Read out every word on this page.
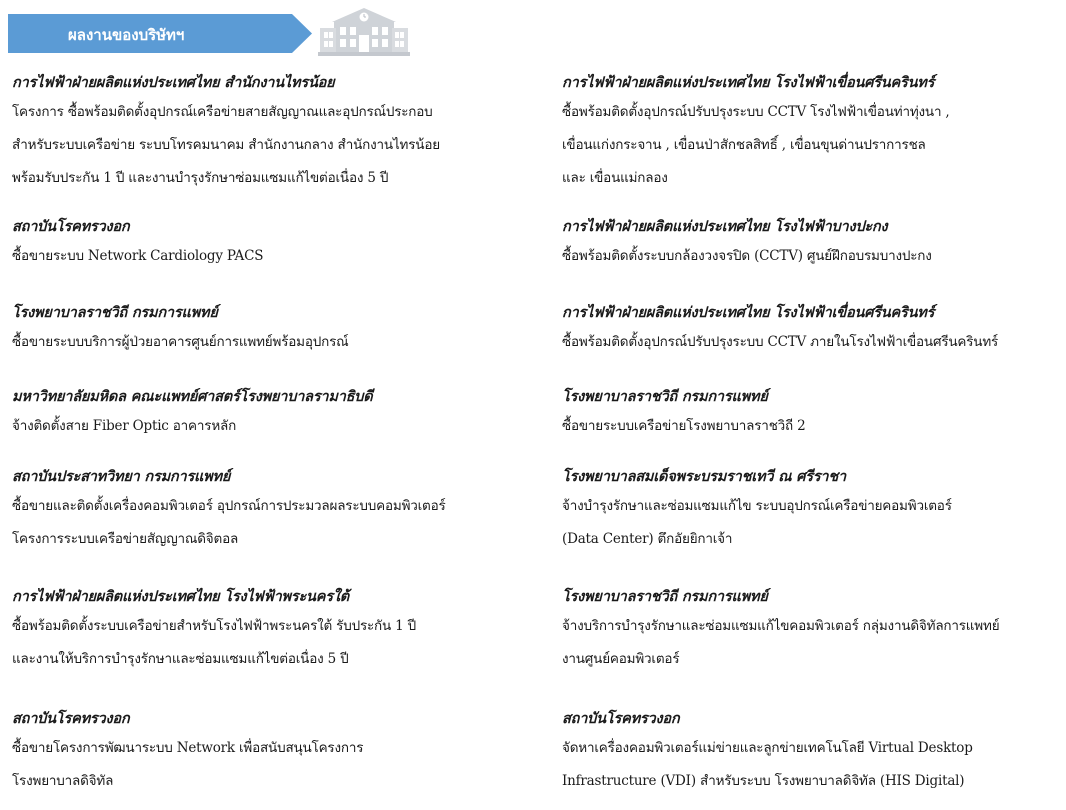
ผลงานของบริษัทฯ
การไฟฟ้าฝ่ายผลิตแห่งประเทศไทย สำนักงานไทรน้อย
โครงการ ซื้อพร้อมติดตั้งอุปกรณ์เครือข่ายสายสัญญาณและอุปกรณ์ประกอบ
สำหรับระบบเครือข่าย ระบบโทรคมนาคม สำนักงานกลาง สำนักงานไทรน้อย
พร้อมรับประกัน 1 ปี และงานบำรุงรักษาซ่อมแซมแก้ไขต่อเนื่อง 5 ปี
สถาบันโรคทรวงอก
ซื้อขายระบบ Network Cardiology PACS
โรงพยาบาลราชวิถี กรมการแพทย์
ซื้อขายระบบบริการผู้ป่วยอาคารศูนย์การแพทย์พร้อมอุปกรณ์
มหาวิทยาลัยมหิดล คณะแพทย์ศาสตร์โรงพยาบาลรามาธิบดี
จ้างติดตั้งสาย Fiber Optic อาคารหลัก
สถาบันประสาทวิทยา กรมการแพทย์
ซื้อขายและติดตั้งเครื่องคอมพิวเตอร์ อุปกรณ์การประมวลผลระบบคอมพิวเตอร์
โครงการระบบเครือข่ายสัญญาณดิจิตอล
การไฟฟ้าฝ่ายผลิตแห่งประเทศไทย โรงไฟฟ้าพระนครใต้
ซื้อพร้อมติดตั้งระบบเครือข่ายสำหรับโรงไฟฟ้าพระนครใต้ รับประกัน 1 ปี
และงานให้บริการบำรุงรักษาและซ่อมแซมแก้ไขต่อเนื่อง 5 ปี
สถาบันโรคทรวงอก
ซื้อขายโครงการพัฒนาระบบ Network เพื่อสนับสนุนโครงการ
โรงพยาบาลดิจิทัล
การไฟฟ้าฝ่ายผลิตแห่งประเทศไทย โรงไฟฟ้าเขื่อนศรีนครินทร์
ซื้อพร้อมติดตั้งอุปกรณ์ปรับปรุงระบบ CCTV โรงไฟฟ้าเขื่อนท่าทุ่งนา ,
เขื่อนแก่งกระจาน , เขื่อนป่าสักชลสิทธิ์ , เขื่อนขุนด่านปราการชล
และ เขื่อนแม่กลอง
การไฟฟ้าฝ่ายผลิตแห่งประเทศไทย โรงไฟฟ้าบางปะกง
ซื้อพร้อมติดตั้งระบบกล้องวงจรปิด (CCTV) ศูนย์ฝึกอบรมบางปะกง
การไฟฟ้าฝ่ายผลิตแห่งประเทศไทย โรงไฟฟ้าเขื่อนศรีนครินทร์
ซื้อพร้อมติดตั้งอุปกรณ์ปรับปรุงระบบ CCTV ภายในโรงไฟฟ้าเขื่อนศรีนครินทร์
โรงพยาบาลราชวิถี กรมการแพทย์
ซื้อขายระบบเครือข่ายโรงพยาบาลราชวิถี 2
โรงพยาบาลสมเด็จพระบรมราชเทวี ณ ศรีราชา
จ้างบำรุงรักษาและซ่อมแซมแก้ไข ระบบอุปกรณ์เครือข่ายคอมพิวเตอร์
(Data Center) ตึกอัยยิกาเจ้า
โรงพยาบาลราชวิถี กรมการแพทย์
จ้างบริการบำรุงรักษาและซ่อมแซมแก้ไขคอมพิวเตอร์ กลุ่มงานดิจิทัลการแพทย์
งานศูนย์คอมพิวเตอร์
สถาบันโรคทรวงอก
จัดหาเครื่องคอมพิวเตอร์แม่ข่ายและลูกข่ายเทคโนโลยี Virtual Desktop
Infrastructure (VDI) สำหรับระบบ โรงพยาบาลดิจิทัล (HIS Digital)
